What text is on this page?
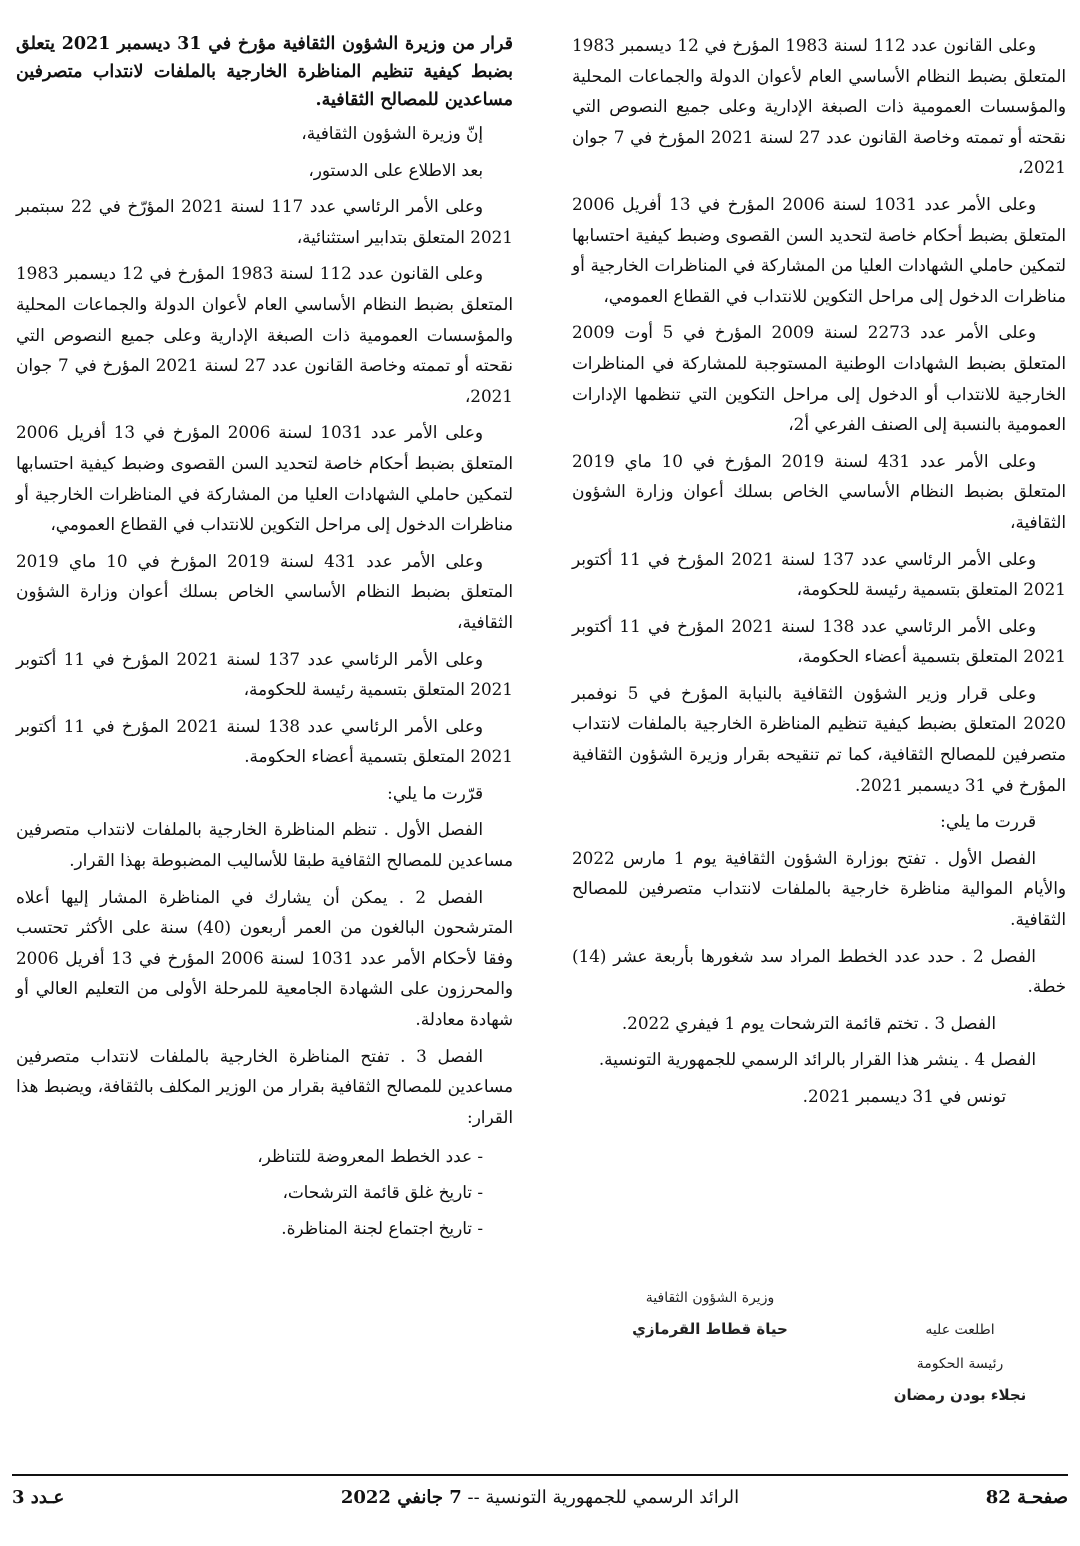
وعلى القانون عدد 112 لسنة 1983 المؤرخ في 12 ديسمبر 1983 المتعلق بضبط النظام الأساسي العام لأعوان الدولة والجماعات المحلية والمؤسسات العمومية ذات الصبغة الإدارية وعلى جميع النصوص التي نقحته أو تممته وخاصة القانون عدد 27 لسنة 2021 المؤرخ في 7 جوان 2021،

وعلى الأمر عدد 1031 لسنة 2006 المؤرخ في 13 أفريل 2006 المتعلق بضبط أحكام خاصة لتحديد السن القصوى وضبط كيفية احتسابها لتمكين حاملي الشهادات العليا من المشاركة في المناظرات الخارجية أو مناظرات الدخول إلى مراحل التكوين للانتداب في القطاع العمومي،

وعلى الأمر عدد 2273 لسنة 2009 المؤرخ في 5 أوت 2009 المتعلق بضبط الشهادات الوطنية المستوجبة للمشاركة في المناظرات الخارجية للانتداب أو الدخول إلى مراحل التكوين التي تنظمها الإدارات العمومية بالنسبة إلى الصنف الفرعي أ2،

وعلى الأمر عدد 431 لسنة 2019 المؤرخ في 10 ماي 2019 المتعلق بضبط النظام الأساسي الخاص بسلك أعوان وزارة الشؤون الثقافية،

وعلى الأمر الرئاسي عدد 137 لسنة 2021 المؤرخ في 11 أكتوبر 2021 المتعلق بتسمية رئيسة للحكومة،

وعلى الأمر الرئاسي عدد 138 لسنة 2021 المؤرخ في 11 أكتوبر 2021 المتعلق بتسمية أعضاء الحكومة،

وعلى قرار وزير الشؤون الثقافية بالنيابة المؤرخ في 5 نوفمبر 2020 المتعلق بضبط كيفية تنظيم المناظرة الخارجية بالملفات لانتداب متصرفين للمصالح الثقافية، كما تم تنقيحه بقرار وزيرة الشؤون الثقافية المؤرخ في 31 ديسمبر 2021.

قررت ما يلي:

الفصل الأول . تفتح بوزارة الشؤون الثقافية يوم 1 مارس 2022 والأيام الموالية مناظرة خارجية بالملفات لانتداب متصرفين للمصالح الثقافية.

الفصل 2 . حدد عدد الخطط المراد سد شغورها بأربعة عشر (14) خطة.

الفصل 3 . تختم قائمة الترشحات يوم 1 فيفري 2022.

الفصل 4 . ينشر هذا القرار بالرائد الرسمي للجمهورية التونسية.

تونس في 31 ديسمبر 2021.

وزيرة الشؤون الثقافية
حياة قطاط القرمازي	اطلعت عليه
رئيسة الحكومة
نجلاء بودن رمضان

قرار من وزيرة الشؤون الثقافية مؤرخ في 31 ديسمبر 2021 يتعلق بضبط كيفية تنظيم المناظرة الخارجية بالملفات لانتداب متصرفين مساعدين للمصالح الثقافية.

إنّ وزيرة الشؤون الثقافية،

بعد الاطلاع على الدستور،

وعلى الأمر الرئاسي عدد 117 لسنة 2021 المؤرّخ في 22 سبتمبر 2021 المتعلق بتدابير استثنائية،

وعلى القانون عدد 112 لسنة 1983 المؤرخ في 12 ديسمبر 1983 المتعلق بضبط النظام الأساسي العام لأعوان الدولة والجماعات المحلية والمؤسسات العمومية ذات الصبغة الإدارية وعلى جميع النصوص التي نقحته أو تممته وخاصة القانون عدد 27 لسنة 2021 المؤرخ في 7 جوان 2021،

وعلى الأمر عدد 1031 لسنة 2006 المؤرخ في 13 أفريل 2006 المتعلق بضبط أحكام خاصة لتحديد السن القصوى وضبط كيفية احتسابها لتمكين حاملي الشهادات العليا من المشاركة في المناظرات الخارجية أو مناظرات الدخول إلى مراحل التكوين للانتداب في القطاع العمومي،

وعلى الأمر عدد 431 لسنة 2019 المؤرخ في 10 ماي 2019 المتعلق بضبط النظام الأساسي الخاص بسلك أعوان وزارة الشؤون الثقافية،

وعلى الأمر الرئاسي عدد 137 لسنة 2021 المؤرخ في 11 أكتوبر 2021 المتعلق بتسمية رئيسة للحكومة،

وعلى الأمر الرئاسي عدد 138 لسنة 2021 المؤرخ في 11 أكتوبر 2021 المتعلق بتسمية أعضاء الحكومة.

قرّرت ما يلي:

الفصل الأول . تنظم المناظرة الخارجية بالملفات لانتداب متصرفين مساعدين للمصالح الثقافية طبقا للأساليب المضبوطة بهذا القرار.

الفصل 2 . يمكن أن يشارك في المناظرة المشار إليها أعلاه المترشحون البالغون من العمر أربعون (40) سنة على الأكثر تحتسب وفقا لأحكام الأمر عدد 1031 لسنة 2006 المؤرخ في 13 أفريل 2006 والمحرزون على الشهادة الجامعية للمرحلة الأولى من التعليم العالي أو شهادة معادلة.

الفصل 3 . تفتح المناظرة الخارجية بالملفات لانتداب متصرفين مساعدين للمصالح الثقافية بقرار من الوزير المكلف بالثقافة، ويضبط هذا القرار:

- عدد الخطط المعروضة للتناظر،
- تاريخ غلق قائمة الترشحات،
- تاريخ اجتماع لجنة المناظرة.
صفحـة 82
الرائد الرسمي للجمهورية التونسية -- 7 جانفي 2022
عـدد 3
